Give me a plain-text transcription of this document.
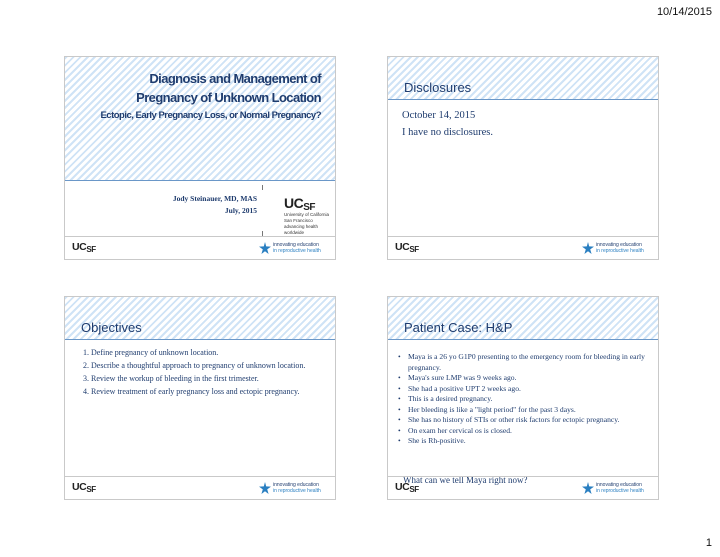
10/14/2015
Diagnosis and Management of
Pregnancy of Unknown Location
Ectopic, Early Pregnancy Loss, or Normal Pregnancy?
Jody Steinauer, MD, MAS
July, 2015 $UC_{SF}$
University of California
San Francisco
advancing health worldwide
$UC_{SF}$	innovating education
in reproductive health
Disclosures
October 14, 2015
I have no disclosures.
$UC_{SF}$	innovating education
in reproductive health
Objectives
1. Define pregnancy of unknown location.
2. Describe a thoughtful approach to pregnancy of unknown location.
3. Review the workup of bleeding in the first trimester.
4. Review treatment of early pregnancy loss and ectopic pregnancy.
$UC_{SF}$	innovating education
in reproductive health
Patient Case: H&P
• Maya is a 26 yo G1P0 presenting to the emergency room for bleeding in early pregnancy.
• Maya's sure LMP was 9 weeks ago.
• She had a positive UPT 2 weeks ago.
• This is a desired pregnancy.
• Her bleeding is like a "light period" for the past 3 days.
• She has no history of STIs or other risk factors for ectopic pregnancy.
• On exam her cervical os is closed.
• She is Rh-positive.
What can we tell Maya right now?
$UC_{SF}$	innovating education
in reproductive health
1
